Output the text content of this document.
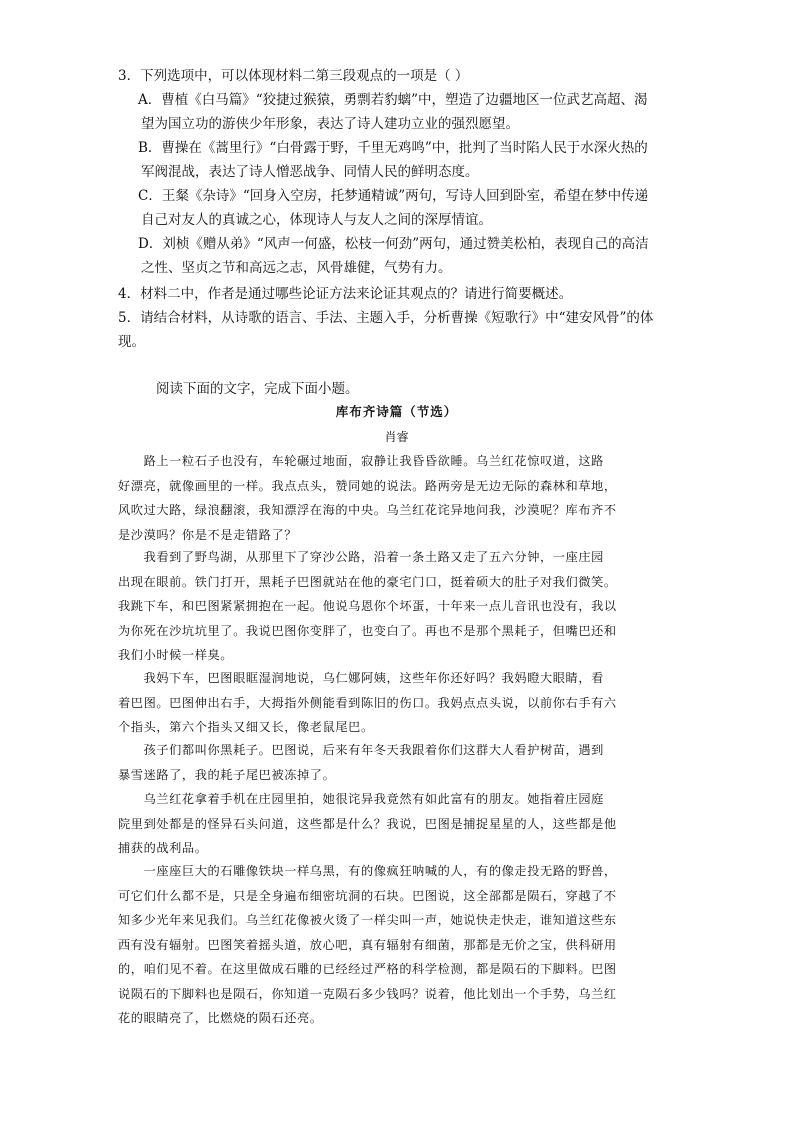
3．下列选项中，可以体现材料二第三段观点的一项是（ ）
A．曹植《白马篇》“狡捷过猴猿，勇剽若豹螭”中，塑造了边疆地区一位武艺高超、渴
望为国立功的游侠少年形象，表达了诗人建功立业的强烈愿望。
B．曹操在《蒿里行》“白骨露于野，千里无鸡鸣”中，批判了当时陷人民于水深火热的
军阀混战，表达了诗人憎恶战争、同情人民的鲜明态度。
C．王粲《杂诗》“回身入空房，托梦通精诚”两句，写诗人回到卧室，希望在梦中传递
自己对友人的真诚之心，体现诗人与友人之间的深厚情谊。
D．刘桢《赠从弟》“风声一何盛，松枝一何劲”两句，通过赞美松柏，表现自己的高洁
之性、坚贞之节和高远之志，风骨雄健，气势有力。
4．材料二中，作者是通过哪些论证方法来论证其观点的？请进行简要概述。
5．请结合材料，从诗歌的语言、手法、主题入手，分析曹操《短歌行》中“建安风骨”的体
现。
阅读下面的文字，完成下面小题。
库布齐诗篇（节选）
肖睿
　　路上一粒石子也没有，车轮碾过地面，寂静让我昏昏欲睡。乌兰红花惊叹道，这路
好漂亮，就像画里的一样。我点点头，赞同她的说法。路两旁是无边无际的森林和草地，
风吹过大路，绿浪翻滚，我知漂浮在海的中央。乌兰红花诧异地问我，沙漠呢？库布齐不
是沙漠吗？你是不是走错路了？
　　我看到了野鸟湖，从那里下了穿沙公路，沿着一条土路又走了五六分钟，一座庄园
出现在眼前。铁门打开，黑耗子巴图就站在他的豪宅门口，挺着硕大的肚子对我们微笑。
我跳下车，和巴图紧紧拥抱在一起。他说乌恩你个坏蛋，十年来一点儿音讯也没有，我以
为你死在沙坑坑里了。我说巴图你变胖了，也变白了。再也不是那个黑耗子，但嘴巴还和
我们小时候一样臭。
　　我妈下车，巴图眼眶湿润地说，乌仁娜阿姨，这些年你还好吗？我妈瞪大眼睛，看
着巴图。巴图伸出右手，大拇指外侧能看到陈旧的伤口。我妈点点头说，以前你右手有六
个指头，第六个指头又细又长，像老鼠尾巴。
　　孩子们都叫你黑耗子。巴图说，后来有年冬天我跟着你们这群大人看护树苗，遇到
暴雪迷路了，我的耗子尾巴被冻掉了。
　　乌兰红花拿着手机在庄园里拍，她很诧异我竟然有如此富有的朋友。她指着庄园庭
院里到处都是的怪异石头问道，这些都是什么？我说，巴图是捕捉星星的人，这些都是他
捕获的战利品。
　　一座座巨大的石雕像铁块一样乌黑，有的像疯狂呐喊的人，有的像走投无路的野兽，
可它们什么都不是，只是全身遍布细密坑洞的石块。巴图说，这全部都是陨石，穿越了不
知多少光年来见我们。乌兰红花像被火烫了一样尖叫一声，她说快走快走，谁知道这些东
西有没有辐射。巴图笑着摇头道，放心吧，真有辐射有细菌，那都是无价之宝，供科研用
的，咱们见不着。在这里做成石雕的已经经过严格的科学检测，都是陨石的下脚料。巴图
说陨石的下脚料也是陨石，你知道一克陨石多少钱吗？说着，他比划出一个手势，乌兰红
花的眼睛亮了，比燃烧的陨石还亮。
